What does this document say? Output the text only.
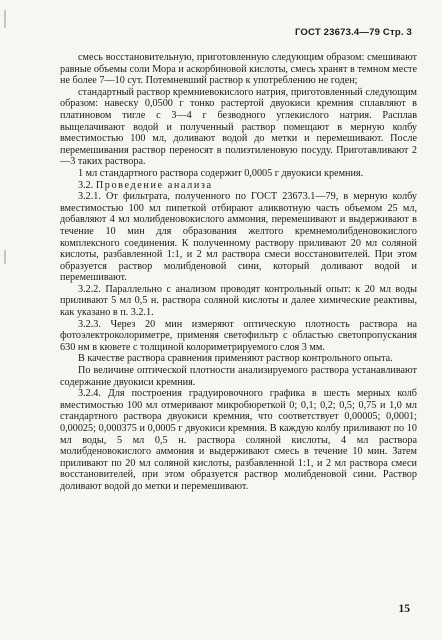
ГОСТ 23673.4—79 Стр. 3

смесь восстановительную, приготовленную следующим образом: смешивают равные объемы соли Мора и аскорбиновой кислоты, смесь хранят в темном месте не более 7—10 сут. Потемневший раствор к употреблению не годен;

стандартный раствор кремниевокислого натрия, приготовленный следующим образом: навеску 0,0500 г тонко растертой двуокиси кремния сплавляют в платиновом тигле с 3—4 г безводного углекислого натрия. Расплав выщелачивают водой и полученный раствор помещают в мерную колбу вместимостью 100 мл, доливают водой до метки и перемешивают. После перемешивания раствор переносят в полиэтиленовую посуду. Приготавливают 2—3 таких раствора.

1 мл стандартного раствора содержит 0,0005 г двуокиси кремния.

3.2. Проведение анализа

3.2.1. От фильтрата, полученного по ГОСТ 23673.1—79, в мерную колбу вместимостью 100 мл пипеткой отбирают аликвотную часть объемом 25 мл, добавляют 4 мл молибденовокислого аммония, перемешивают и выдерживают в течение 10 мин для образования желтого кремнемолибденовокислого комплексного соединения. К полученному раствору приливают 20 мл соляной кислоты, разбавленной 1:1, и 2 мл раствора смеси восстановителей. При этом образуется раствор молибденовой сини, который доливают водой и перемешивают.

3.2.2. Параллельно с анализом проводят контрольный опыт: к 20 мл воды приливают 5 мл 0,5 н. раствора соляной кислоты и далее химические реактивы, как указано в п. 3.2.1.

3.2.3. Через 20 мин измеряют оптическую плотность раствора на фотоэлектроколориметре, применяя светофильтр с областью светопропускания 630 нм в кювете с толщиной колориметрируемого слоя 3 мм.

В качестве раствора сравнения применяют раствор контрольного опыта.

По величине оптической плотности анализируемого раствора устанавливают содержание двуокиси кремния.

3.2.4. Для построения градуировочного графика в шесть мерных колб вместимостью 100 мл отмеривают микробюреткой 0; 0,1; 0,2; 0,5; 0,75 и 1,0 мл стандартного раствора двуокиси кремния, что соответствует 0,00005; 0,0001; 0,00025; 0,000375 и 0,0005 г двуокиси кремния. В каждую колбу приливают по 10 мл воды, 5 мл 0,5 н. раствора соляной кислоты, 4 мл раствора молибденовокислого аммония и выдерживают смесь в течение 10 мин. Затем приливают по 20 мл соляной кислоты, разбавленной 1:1, и 2 мл раствора смеси восстановителей, при этом образуется раствор молибденовой сини. Раствор доливают водой до метки и перемешивают.

15
